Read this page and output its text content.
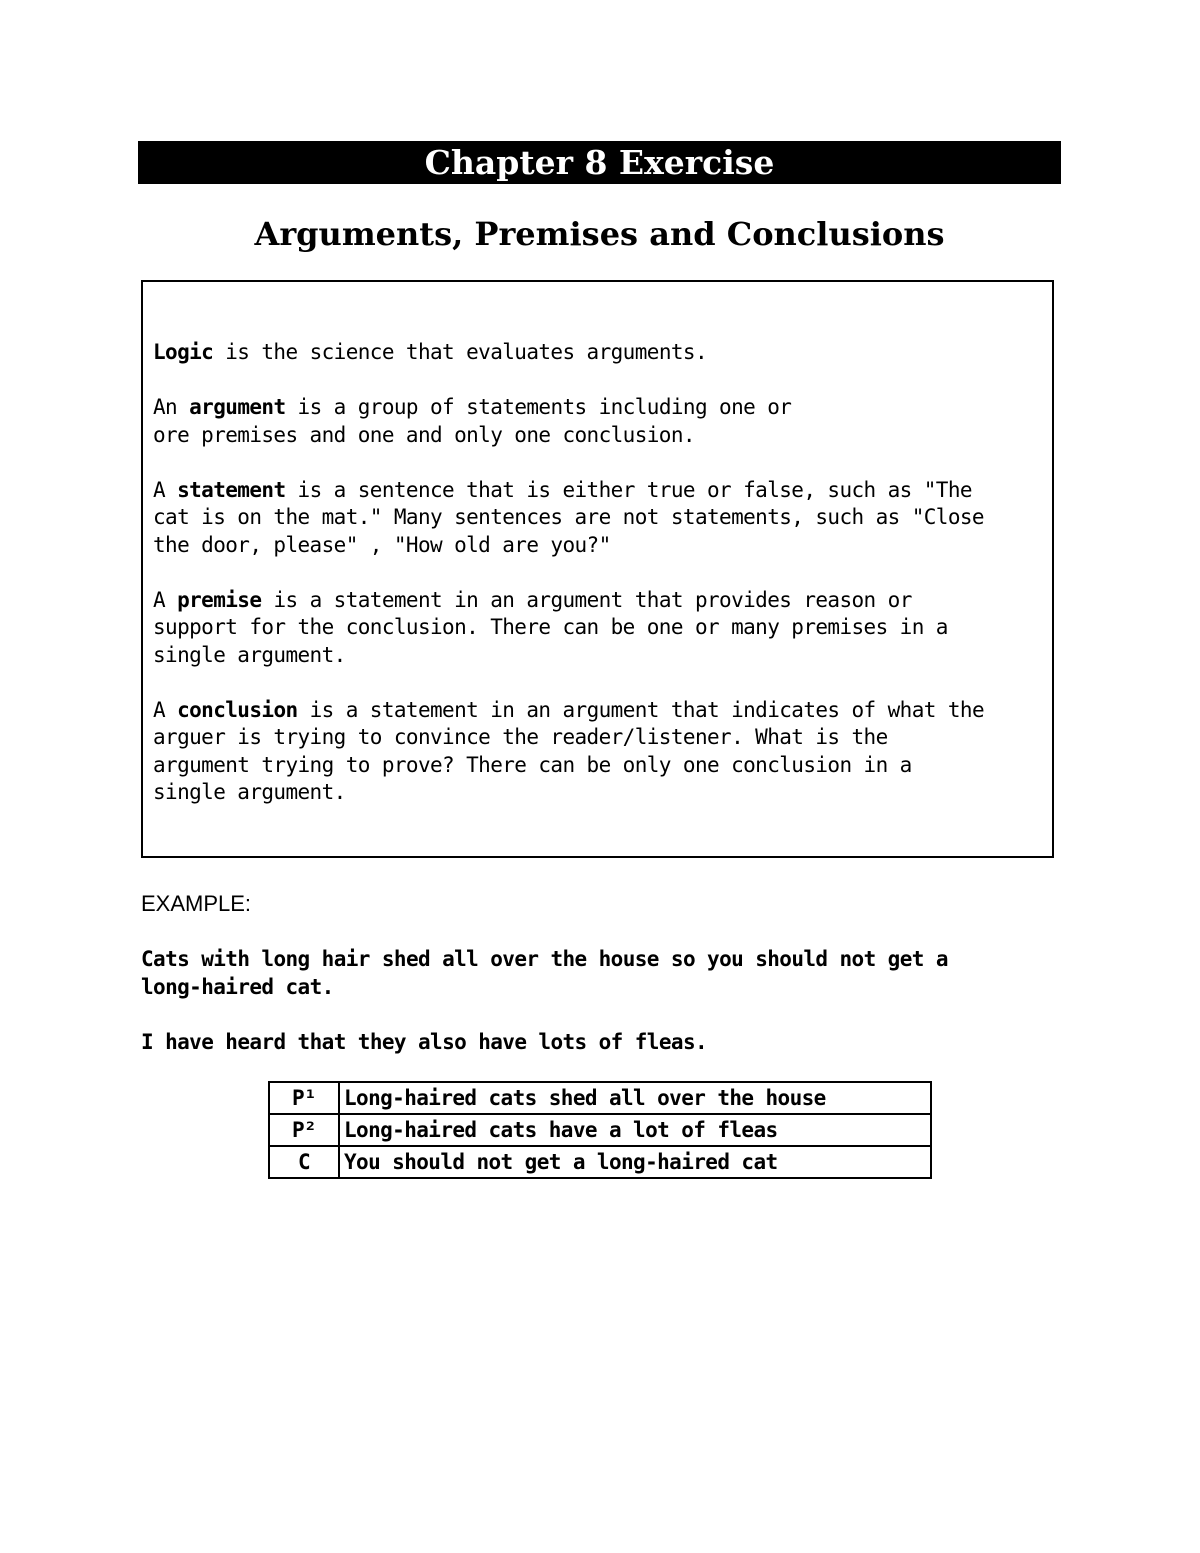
Chapter 8 Exercise
Arguments, Premises and Conclusions

Logic is the science that evaluates arguments.

An argument is a group of statements including one or
ore premises and one and only one conclusion.

A statement is a sentence that is either true or false, such as "The
cat is on the mat." Many sentences are not statements, such as "Close
the door, please" , "How old are you?"

A premise is a statement in an argument that provides reason or
support for the conclusion. There can be one or many premises in a
single argument.

A conclusion is a statement in an argument that indicates of what the
arguer is trying to convince the reader/listener. What is the
argument trying to prove? There can be only one conclusion in a
single argument.

EXAMPLE:

Cats with long hair shed all over the house so you should not get a
long-haired cat.

I have heard that they also have lots of fleas.

P¹	Long-haired cats shed all over the house
P²	Long-haired cats have a lot of fleas
C	You should not get a long-haired cat
